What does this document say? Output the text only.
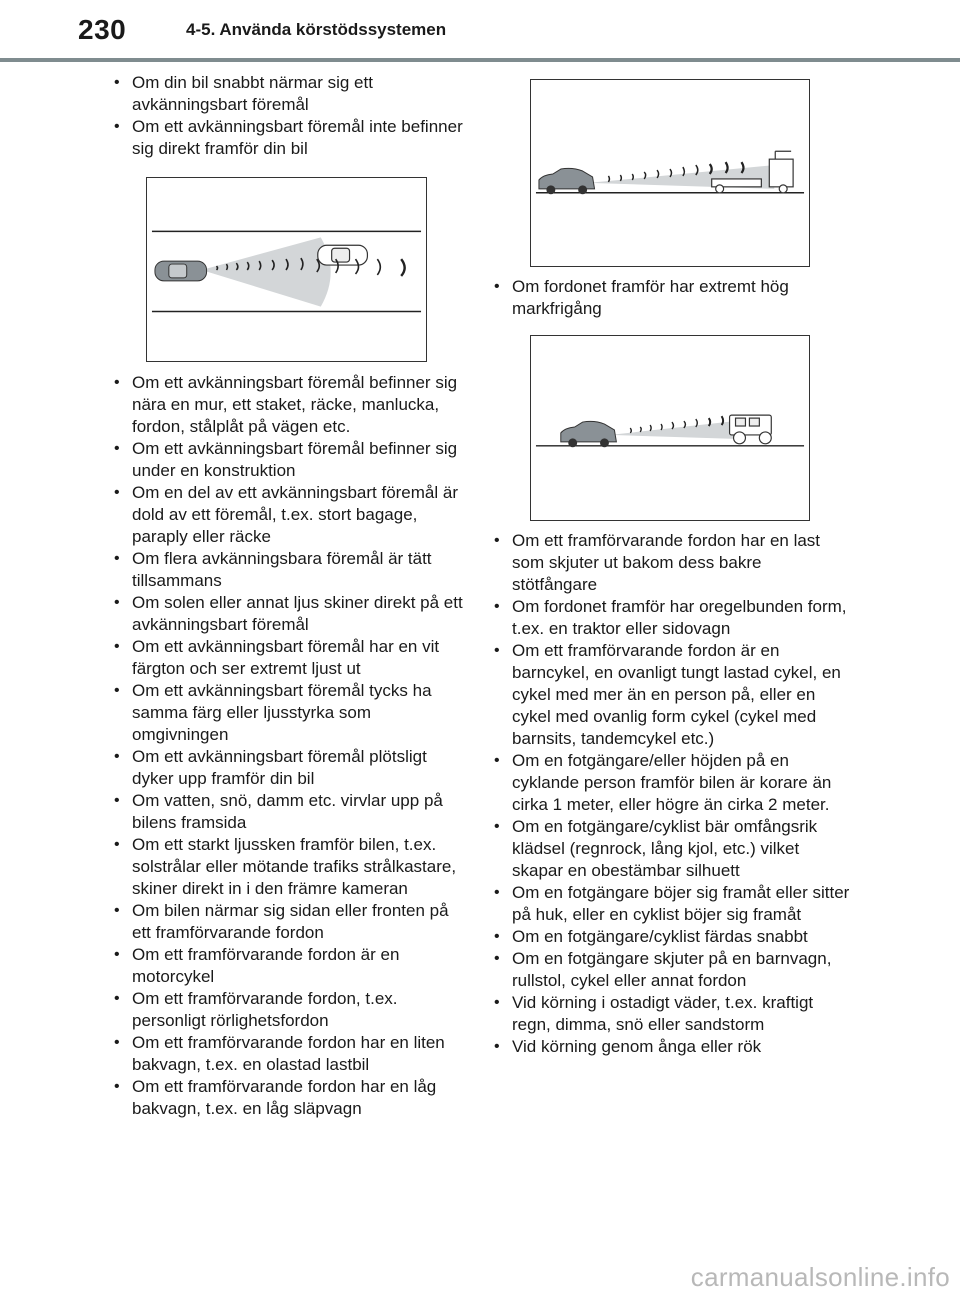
230	4-5. Använda körstödssystemen
• Om din bil snabbt närmar sig ett avkänningsbart föremål
• Om ett avkänningsbart föremål inte befinner sig direkt framför din bil
• Om ett avkänningsbart föremål befinner sig nära en mur, ett staket, räcke, manlucka, fordon, stålplåt på vägen etc.
• Om ett avkänningsbart föremål befinner sig under en konstruktion
• Om en del av ett avkänningsbart föremål är dold av ett föremål, t.ex. stort bagage, paraply eller räcke
• Om flera avkänningsbara föremål är tätt tillsammans
• Om solen eller annat ljus skiner direkt på ett avkänningsbart föremål
• Om ett avkänningsbart föremål har en vit färgton och ser extremt ljust ut
• Om ett avkänningsbart föremål tycks ha samma färg eller ljusstyrka som omgivningen
• Om ett avkänningsbart föremål plötsligt dyker upp framför din bil
• Om vatten, snö, damm etc. virvlar upp på bilens framsida
• Om ett starkt ljussken framför bilen, t.ex. solstrålar eller mötande trafiks strålkastare, skiner direkt in i den främre kameran
• Om bilen närmar sig sidan eller fronten på ett framförvarande fordon
• Om ett framförvarande fordon är en motorcykel
• Om ett framförvarande fordon, t.ex. personligt rörlighetsfordon
• Om ett framförvarande fordon har en liten bakvagn, t.ex. en olastad lastbil
• Om ett framförvarande fordon har en låg bakvagn, t.ex. en låg släpvagn
• Om fordonet framför har extremt hög markfrigång
• Om ett framförvarande fordon har en last som skjuter ut bakom dess bakre stötfångare
• Om fordonet framför har oregelbunden form, t.ex. en traktor eller sidovagn
• Om ett framförvarande fordon är en barncykel, en ovanligt tungt lastad cykel, en cykel med mer än en person på, eller en cykel med ovanlig form cykel (cykel med barnsits, tandemcykel etc.)
• Om en fotgängare/eller höjden på en cyklande person framför bilen är korare än cirka 1 meter, eller högre än cirka 2 meter.
• Om en fotgängare/cyklist bär omfångsrik klädsel (regnrock, lång kjol, etc.) vilket skapar en obestämbar silhuett
• Om en fotgängare böjer sig framåt eller sitter på huk, eller en cyklist böjer sig framåt
• Om en fotgängare/cyklist färdas snabbt
• Om en fotgängare skjuter på en barnvagn, rullstol, cykel eller annat fordon
• Vid körning i ostadigt väder, t.ex. kraftigt regn, dimma, snö eller sandstorm
• Vid körning genom ånga eller rök
carmanualsonline.info
